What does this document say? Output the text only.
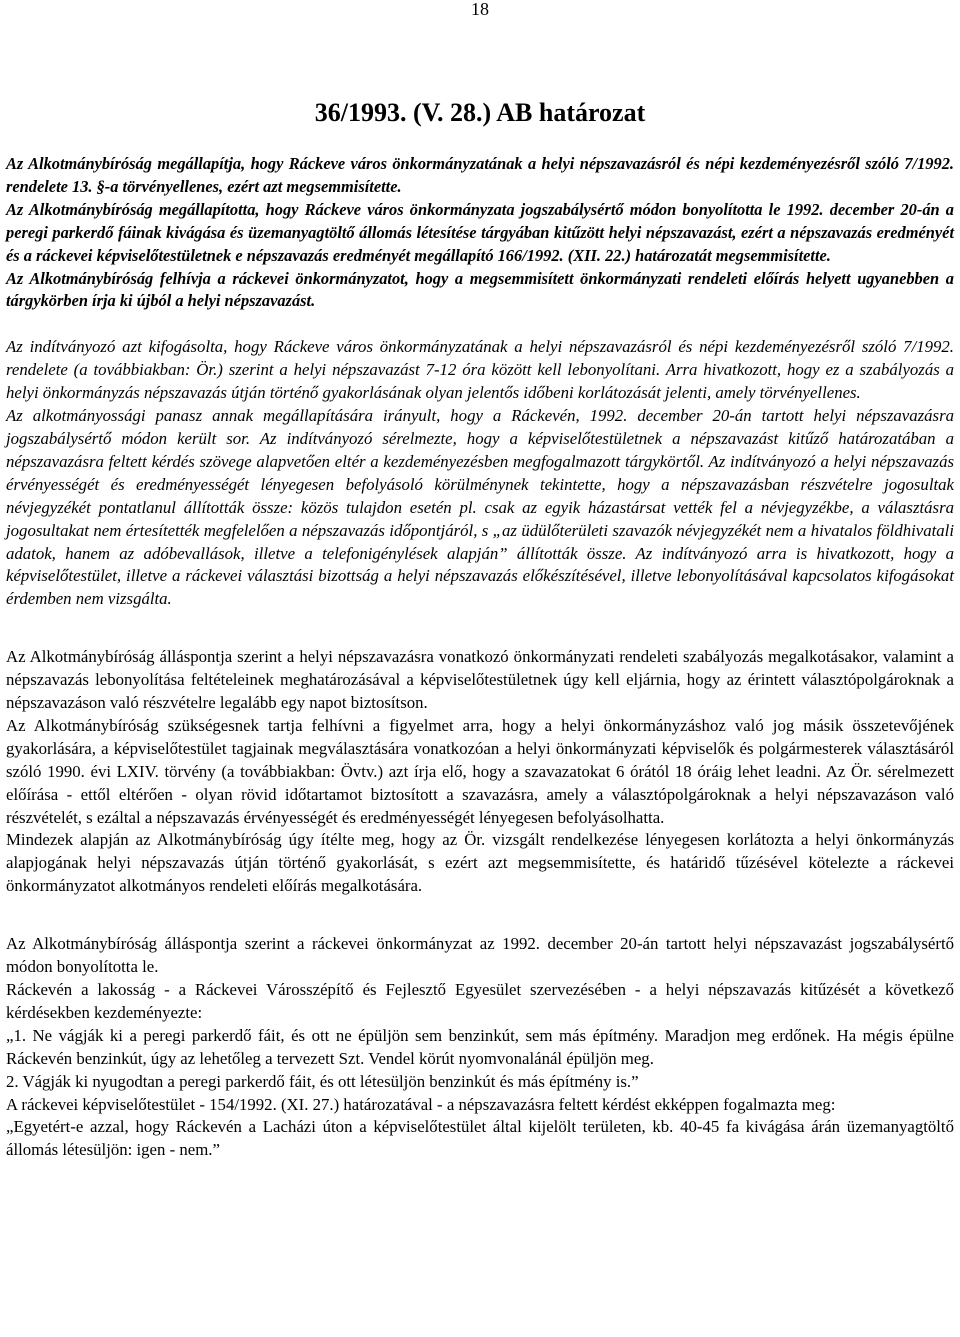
18
36/1993. (V. 28.) AB határozat

Az Alkotmánybíróság megállapítja, hogy Ráckeve város önkormányzatának a helyi népszavazásról és népi kezdeményezésről szóló 7/1992. rendelete 13. §-a törvényellenes, ezért azt megsemmisítette.

Az Alkotmánybíróság megállapította, hogy Ráckeve város önkormányzata jogszabálysértő módon bonyolította le 1992. december 20-án a peregi parkerdő fáinak kivágása és üzemanyagtöltő állomás létesítése tárgyában kitűzött helyi népszavazást, ezért a népszavazás eredményét és a ráckevei képviselőtestületnek e népszavazás eredményét megállapító 166/1992. (XII. 22.) határozatát megsemmisítette.

Az Alkotmánybíróság felhívja a ráckevei önkormányzatot, hogy a megsemmisített önkormányzati rendeleti előírás helyett ugyanebben a tárgykörben írja ki újból a helyi népszavazást.

Az indítványozó azt kifogásolta, hogy Ráckeve város önkormányzatának a helyi népszavazásról és népi kezdeményezésről szóló 7/1992. rendelete (a továbbiakban: Ör.) szerint a helyi népszavazást 7-12 óra között kell lebonyolítani. Arra hivatkozott, hogy ez a szabályozás a helyi önkormányzás népszavazás útján történő gyakorlásának olyan jelentős időbeni korlátozását jelenti, amely törvényellenes.

Az alkotmányossági panasz annak megállapítására irányult, hogy a Ráckevén, 1992. december 20-án tartott helyi népszavazásra jogszabálysértő módon került sor. Az indítványozó sérelmezte, hogy a képviselőtestületnek a népszavazást kitűző határozatában a népszavazásra feltett kérdés szövege alapvetően eltér a kezdeményezésben megfogalmazott tárgykörtől. Az indítványozó a helyi népszavazás érvényességét és eredményességét lényegesen befolyásoló körülménynek tekintette, hogy a népszavazásban részvételre jogosultak névjegyzékét pontatlanul állították össze: közös tulajdon esetén pl. csak az egyik házastársat vették fel a névjegyzékbe, a választásra jogosultakat nem értesítették megfelelően a népszavazás időpontjáról, s „az üdülőterületi szavazók névjegyzékét nem a hivatalos földhivatali adatok, hanem az adóbevallások, illetve a telefonigénylések alapján” állították össze. Az indítványozó arra is hivatkozott, hogy a képviselőtestület, illetve a ráckevei választási bizottság a helyi népszavazás előkészítésével, illetve lebonyolításával kapcsolatos kifogásokat érdemben nem vizsgálta.

Az Alkotmánybíróság álláspontja szerint a helyi népszavazásra vonatkozó önkormányzati rendeleti szabályozás megalkotásakor, valamint a népszavazás lebonyolítása feltételeinek meghatározásával a képviselőtestületnek úgy kell eljárnia, hogy az érintett választópolgároknak a népszavazáson való részvételre legalább egy napot biztosítson.

Az Alkotmánybíróság szükségesnek tartja felhívni a figyelmet arra, hogy a helyi önkormányzáshoz való jog másik összetevőjének gyakorlására, a képviselőtestület tagjainak megválasztására vonatkozóan a helyi önkormányzati képviselők és polgármesterek választásáról szóló 1990. évi LXIV. törvény (a továbbiakban: Övtv.) azt írja elő, hogy a szavazatokat 6 órától 18 óráig lehet leadni. Az Ör. sérelmezett előírása - ettől eltérően - olyan rövid időtartamot biztosított a szavazásra, amely a választópolgároknak a helyi népszavazáson való részvételét, s ezáltal a népszavazás érvényességét és eredményességét lényegesen befolyásolhatta.

Mindezek alapján az Alkotmánybíróság úgy ítélte meg, hogy az Ör. vizsgált rendelkezése lényegesen korlátozta a helyi önkormányzás alapjogának helyi népszavazás útján történő gyakorlását, s ezért azt megsemmisítette, és határidő tűzésével kötelezte a ráckevei önkormányzatot alkotmányos rendeleti előírás megalkotására.

Az Alkotmánybíróság álláspontja szerint a ráckevei önkormányzat az 1992. december 20-án tartott helyi népszavazást jogszabálysértő módon bonyolította le.

Ráckevén a lakosság - a Ráckevei Városszépítő és Fejlesztő Egyesület szervezésében - a helyi népszavazás kitűzését a következő kérdésekben kezdeményezte:

„1. Ne vágják ki a peregi parkerdő fáit, és ott ne épüljön sem benzinkút, sem más építmény. Maradjon meg erdőnek. Ha mégis épülne Ráckevén benzinkút, úgy az lehetőleg a tervezett Szt. Vendel körút nyomvonalánál épüljön meg.

2. Vágják ki nyugodtan a peregi parkerdő fáit, és ott létesüljön benzinkút és más építmény is.”

A ráckevei képviselőtestület - 154/1992. (XI. 27.) határozatával - a népszavazásra feltett kérdést ekképpen fogalmazta meg:

„Egyetért-e azzal, hogy Ráckevén a Lacházi úton a képviselőtestület által kijelölt területen, kb. 40-45 fa kivágása árán üzemanyagtöltő állomás létesüljön: igen - nem.”
